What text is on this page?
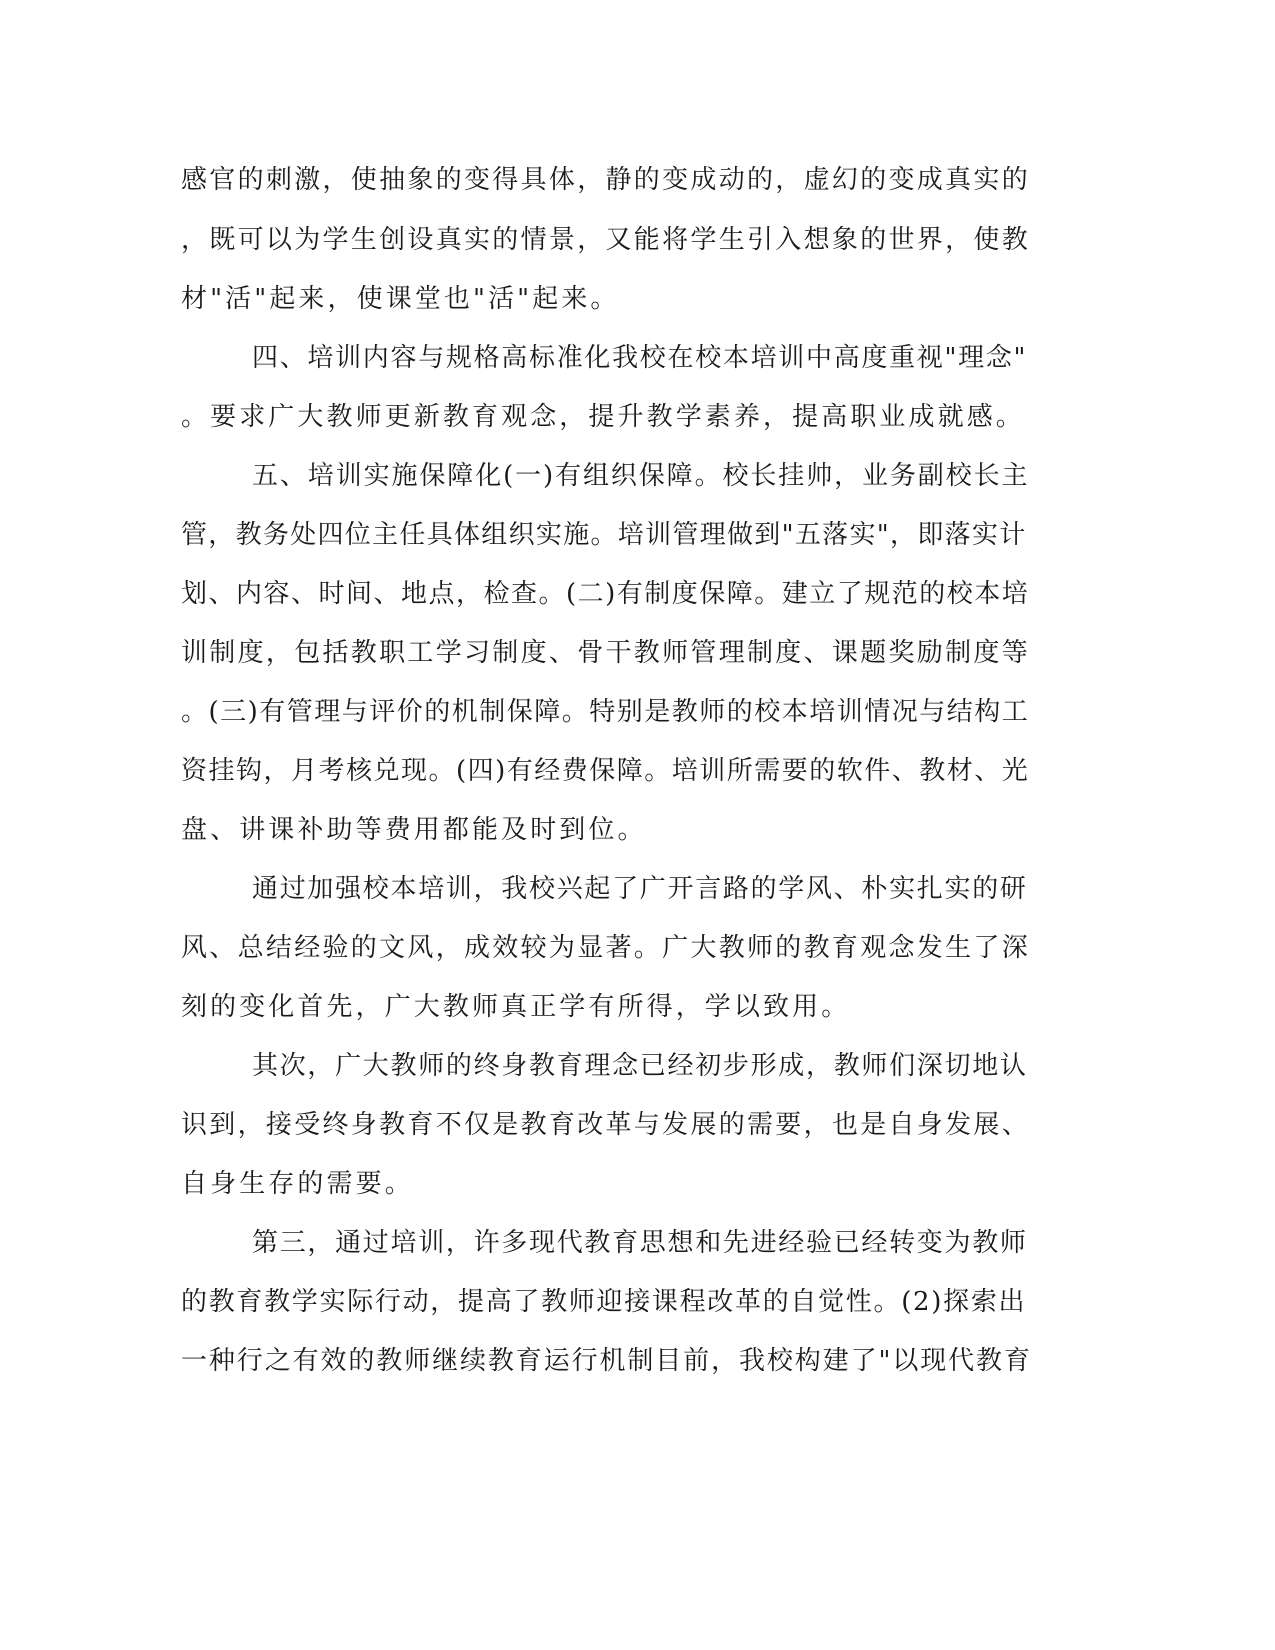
感官的刺激，使抽象的变得具体，静的变成动的，虚幻的变成真实的
，既可以为学生创设真实的情景，又能将学生引入想象的世界，使教
材"活"起来，使课堂也"活"起来。
四、培训内容与规格高标准化我校在校本培训中高度重视"理念"
。要求广大教师更新教育观念，提升教学素养，提高职业成就感。
五、培训实施保障化(一)有组织保障。校长挂帅，业务副校长主
管，教务处四位主任具体组织实施。培训管理做到"五落实"，即落实计
划、内容、时间、地点，检查。(二)有制度保障。建立了规范的校本培
训制度，包括教职工学习制度、骨干教师管理制度、课题奖励制度等
。(三)有管理与评价的机制保障。特别是教师的校本培训情况与结构工
资挂钩，月考核兑现。(四)有经费保障。培训所需要的软件、教材、光
盘、讲课补助等费用都能及时到位。
通过加强校本培训，我校兴起了广开言路的学风、朴实扎实的研
风、总结经验的文风，成效较为显著。广大教师的教育观念发生了深
刻的变化首先，广大教师真正学有所得，学以致用。
其次，广大教师的终身教育理念已经初步形成，教师们深切地认
识到，接受终身教育不仅是教育改革与发展的需要，也是自身发展、
自身生存的需要。
第三，通过培训，许多现代教育思想和先进经验已经转变为教师
的教育教学实际行动，提高了教师迎接课程改革的自觉性。(2)探索出
一种行之有效的教师继续教育运行机制目前，我校构建了"以现代教育
